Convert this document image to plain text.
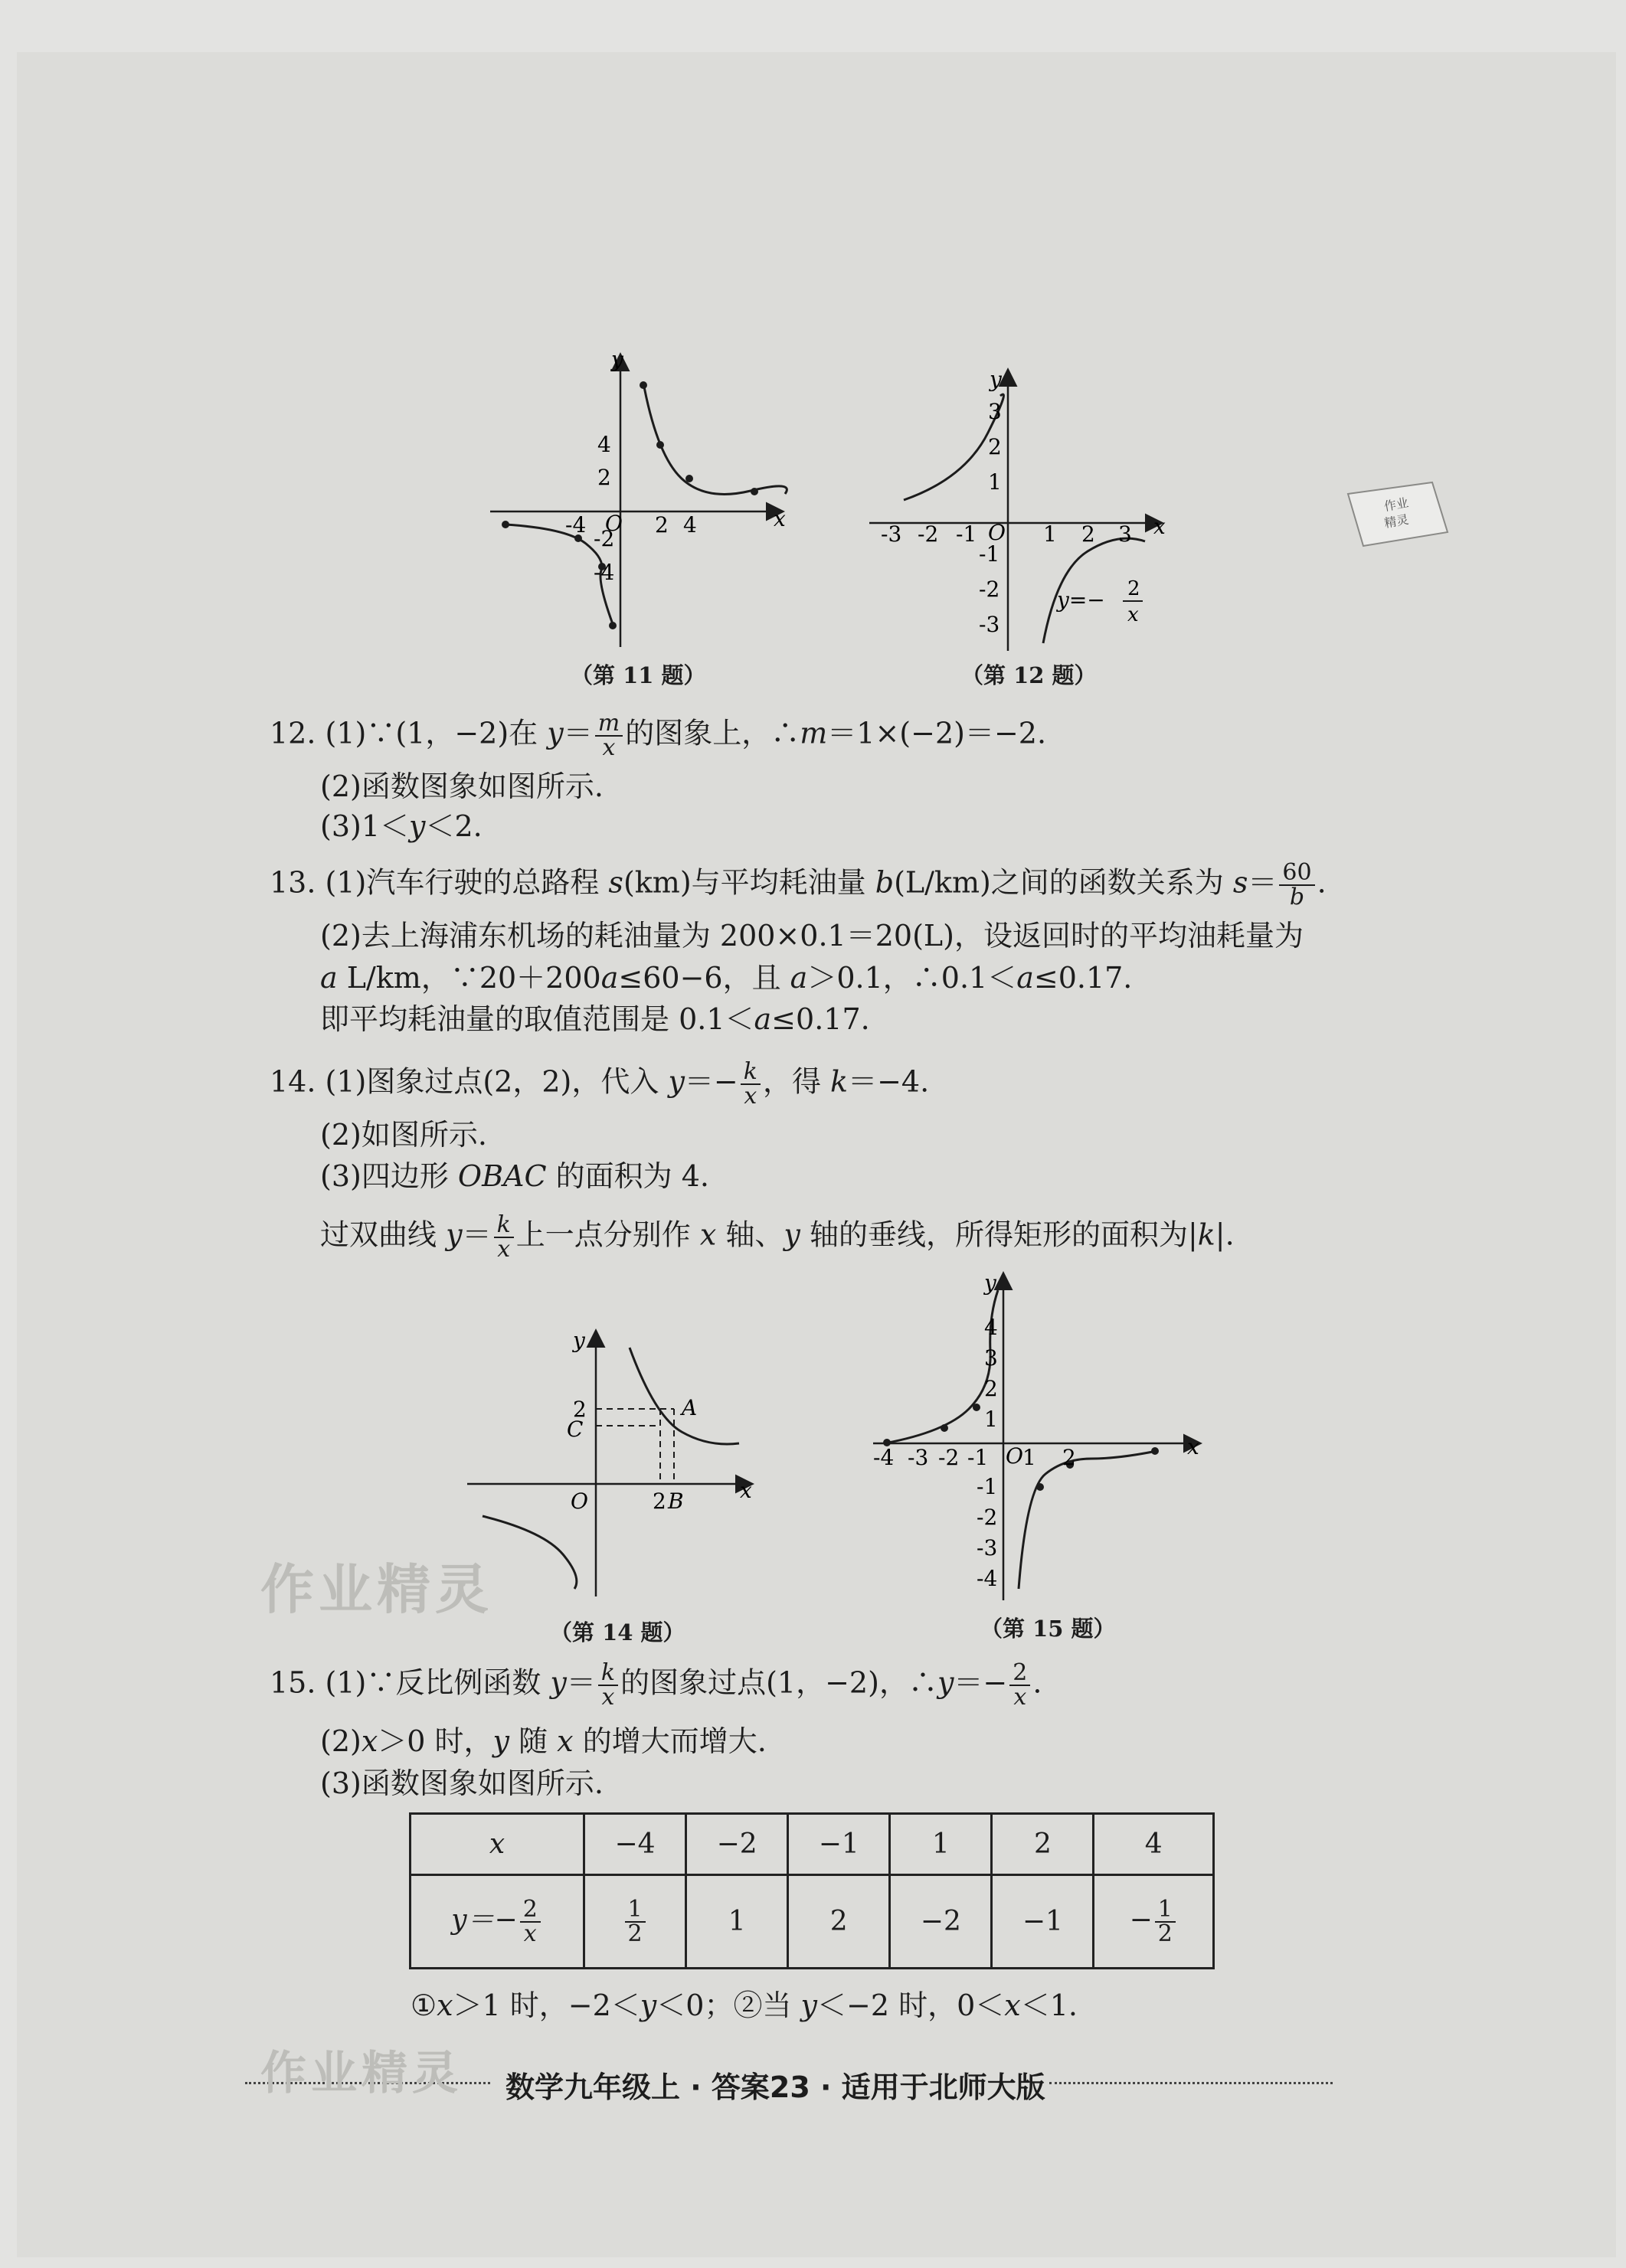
y
x
O
-4	2 4
4
2
-2
-4
（第 11 题）
y
x
O
-3 -2 -1	1 2 3
3
2
1
-1
-2
-3
y=− 2
x
（第 12 题）
作业
精灵
12. (1)∵(1，−2)在 $y= \frac{m}{x}$ 的图象上，∴m＝1×(−2)＝−2.
(2)函数图象如图所示.
(3)1＜y＜2.
13. (1)汽车行驶的总路程 s(km)与平均耗油量 b(L/km)之间的函数关系为 $s= \frac{60}{b}$ .
(2)去上海浦东机场的耗油量为 200×0.1＝20(L)，设返回时的平均油耗量为
a L/km，∵20＋200a≤60−6，且 a＞0.1，∴0.1＜a≤0.17.
即平均耗油量的取值范围是 0.1＜a≤0.17.
14. (1)图象过点(2，2)，代入 $y=- \frac{k}{x}$ ，得 k＝−4.
(2)如图所示.
(3)四边形 OBAC 的面积为 4.
过双曲线 $y= \frac{k}{x}$ 上一点分别作 x 轴、y 轴的垂线，所得矩形的面积为|k|.
y
x
O
2
C
2 B
A
（第 14 题）
y
x
O
-4 -3 -2 -1 1 2
4
3
2
1
-1
-2
-3
-4
（第 15 题）
作业精灵
15. (1)∵反比例函数 $y= \frac{k}{x}$ 的图象过点(1，−2)，∴y＝− $\frac{2}{x}$ .
(2)x＞0 时，y 随 x 的增大而增大.
(3)函数图象如图所示.
x	−4	−2	−1	1	2	4
$y=- \frac{2}{x}$	$\frac{1}{2}$	1	2	−2	−1	− $\frac{1}{2}$
①x＞1 时，−2＜y＜0；②当 y＜−2 时，0＜x＜1.
数学九年级上 · 答案23 · 适用于北师大版
作业精灵
